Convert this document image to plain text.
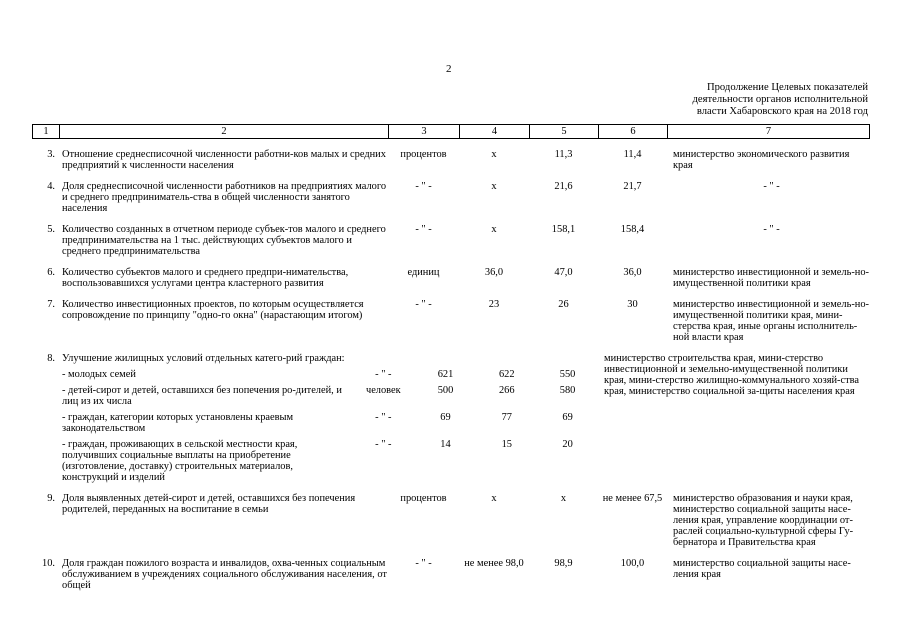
2
Продолжение Целевых показателей
деятельности органов исполнительной
власти Хабаровского края на 2018 год
1	2	3	4	5	6	7
3. Отношение среднесписочной численности работни-ков малых и средних предприятий к численности населения
процентов	х	11,3	11,4	министерство экономического развития края
4. Доля среднесписочной численности работников на предприятиях малого и среднего предприниматель-ства в общей численности занятого населения
- " -	х	21,6	21,7	- " -
5. Количество созданных в отчетном периоде субъек-тов малого и среднего предпринимательства на 1 тыс. действующих субъектов малого и среднего предпринимательства
- " -	х	158,1	158,4	- " -
6. Количество субъектов малого и среднего предпри-нимательства, воспользовавшихся услугами центра кластерного развития
единиц	36,0	47,0	36,0	министерство инвестиционной и земель-но-имущественной политики края
7. Количество инвестиционных проектов, по которым осуществляется сопровождение по принципу "одно-го окна" (нарастающим итогом)
- " -	23	26	30	министерство инвестиционной и земель-но-имущественной политики края, мини-стерства края, иные органы исполнитель-ной власти края
8. Улучшение жилищных условий отдельных катего-рий граждан:
- молодых семей	- " -	621	622	550
- детей-сирот и детей, оставшихся без попечения ро-дителей, и лиц из их числа
человек	500	266	580
- граждан, категории которых установлены краевым законодательством
- " -	69	77	69
- граждан, проживающих в сельской местности края, получивших социальные выплаты на приобретение (изготовление, доставку) строительных материалов, конструкций и изделий
- " -	14	15	20
министерство строительства края, мини-стерство инвестиционной и земельно-имущественной политики края, мини-стерство жилищно-коммунального хозяй-ства края, министерство социальной за-щиты населения края
9. Доля выявленных детей-сирот и детей, оставшихся без попечения родителей, переданных на воспитание в семьи
процентов	х	х	не менее 67,5	министерство образования и науки края, министерство социальной защиты насе-ления края, управление координации от-раслей социально-культурной сферы Гу-бернатора и Правительства края
10. Доля граждан пожилого возраста и инвалидов, охва-ченных социальным обслуживанием в учреждениях социального обслуживания населения, от общей
- " -	не менее 98,0	98,9	100,0	министерство социальной защиты насе-ления края
